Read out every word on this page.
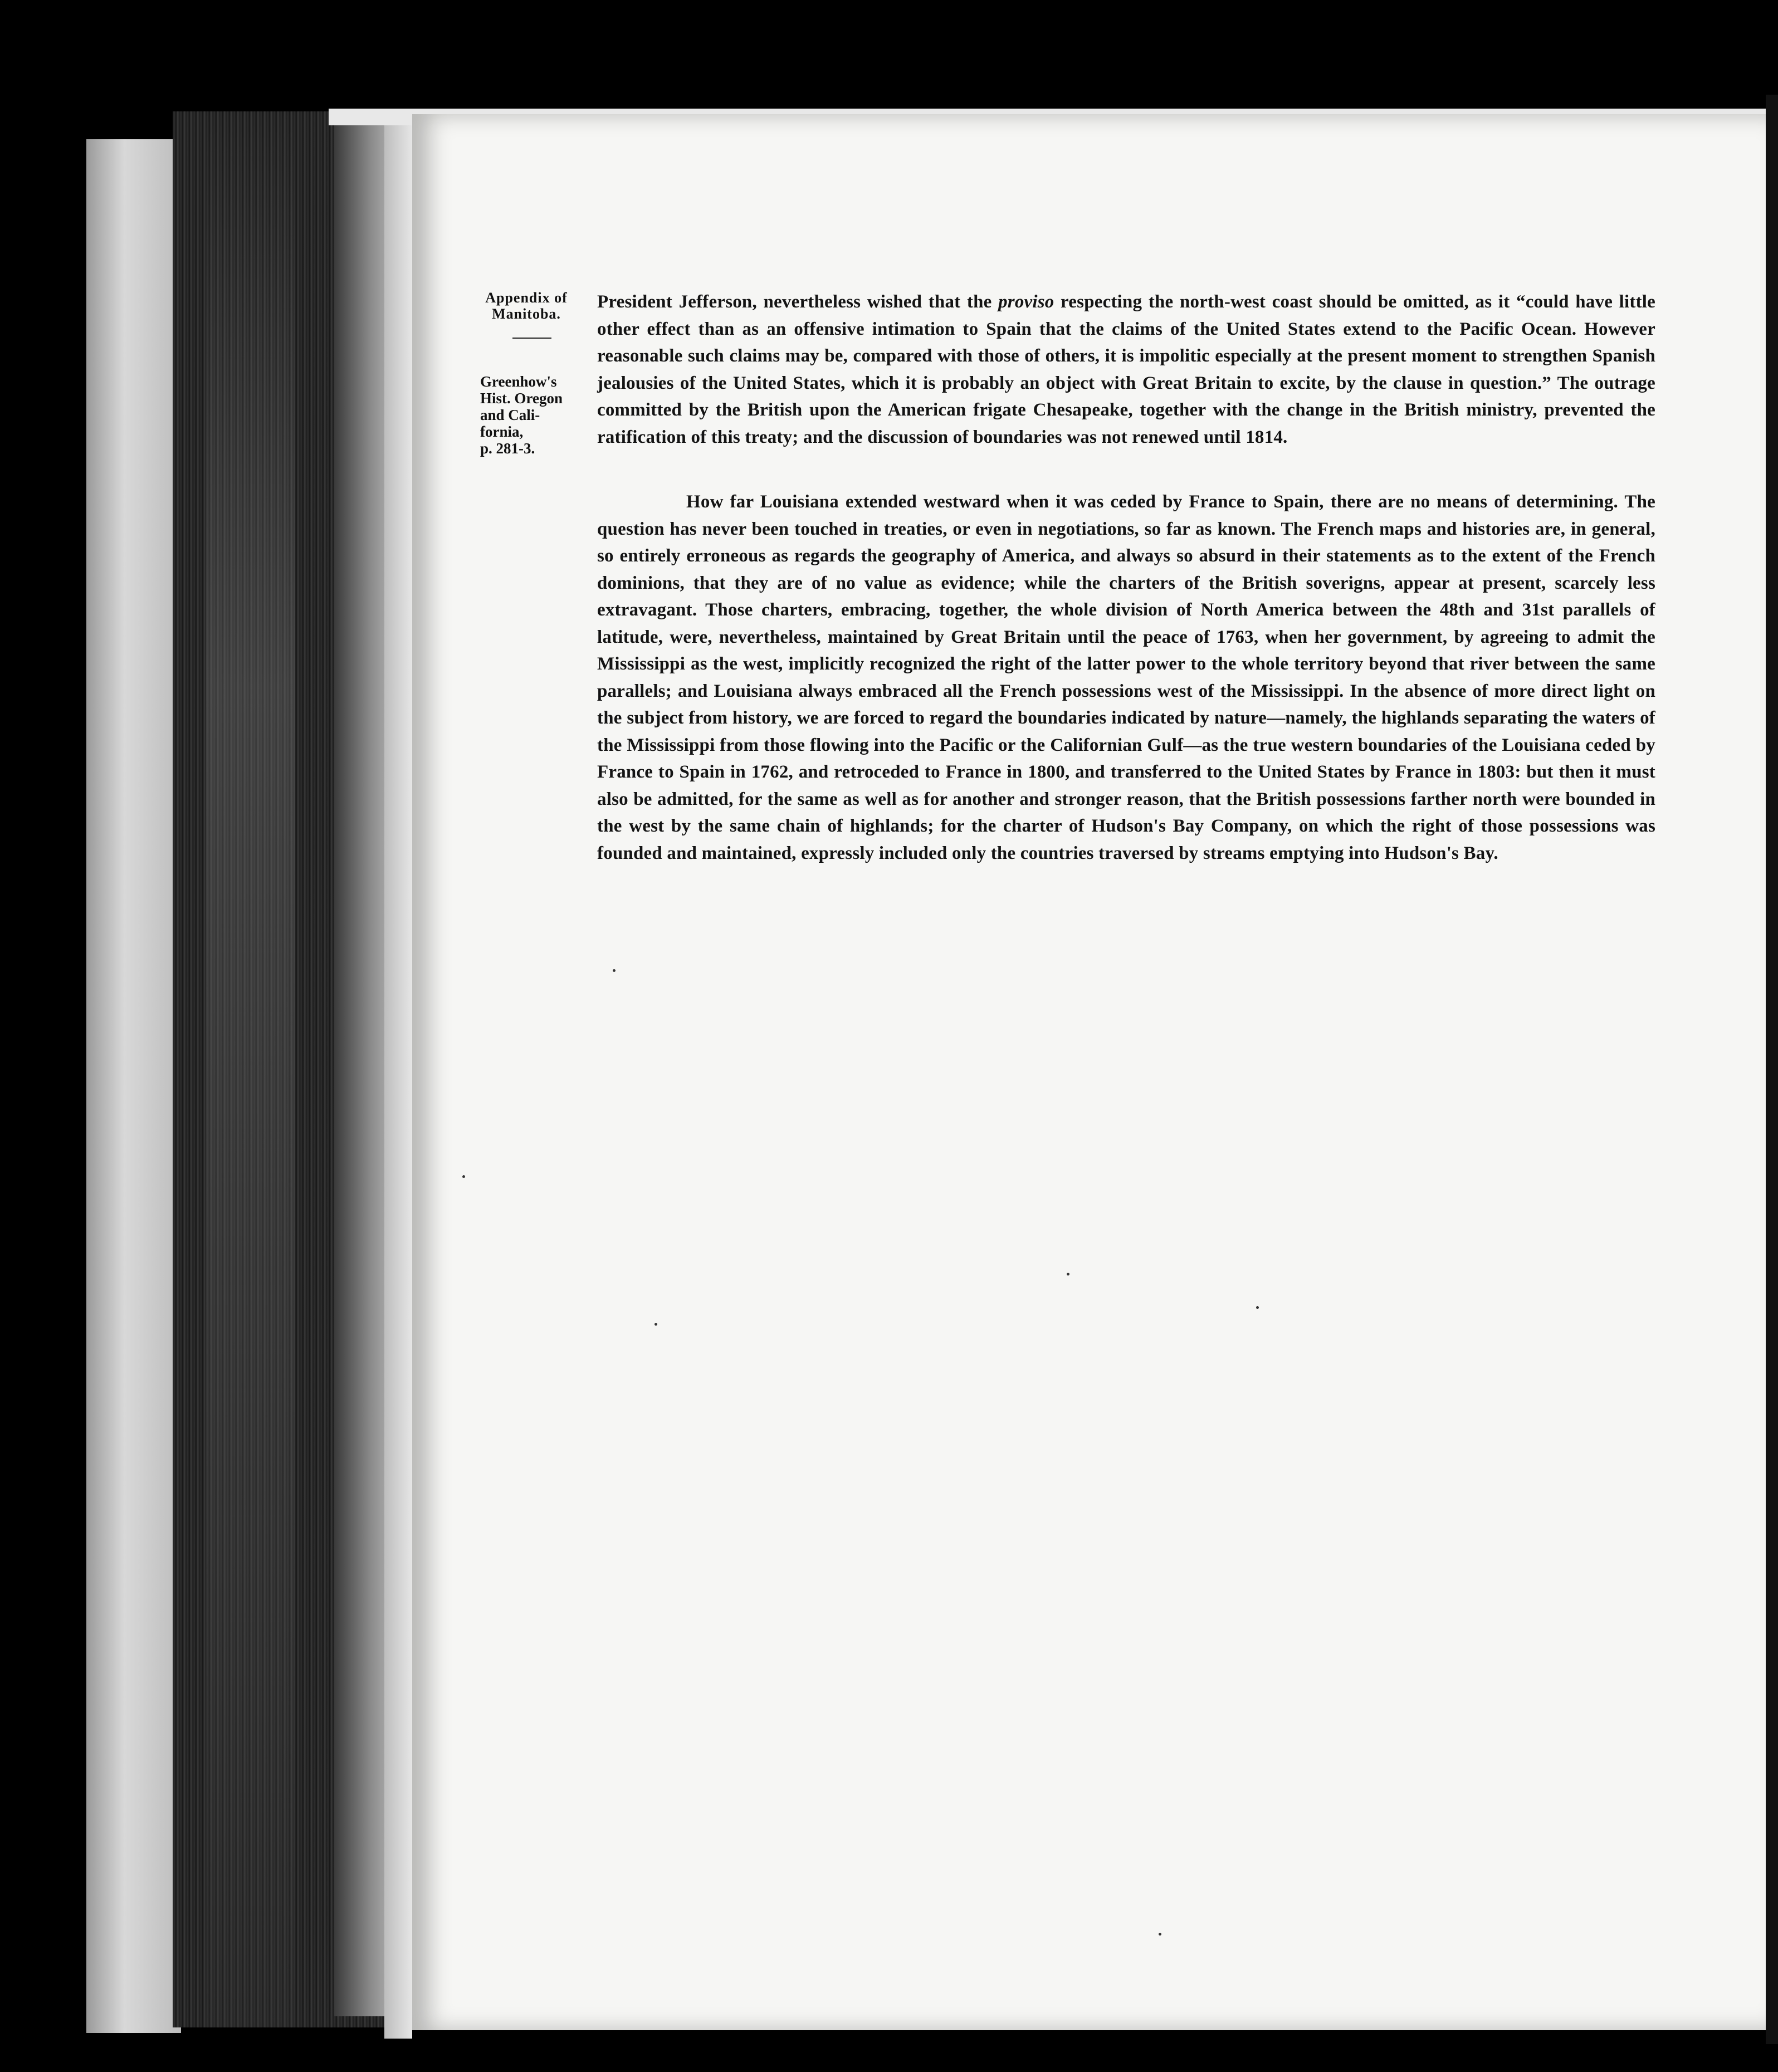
Appendix of Manitoba.
Greenhow's
Hist. Oregon
and Cali-
fornia,
p. 281-3.
President Jefferson, nevertheless wished that the proviso respecting the north-west coast should be omitted, as it “could have little other effect than as an offensive intimation to Spain that the claims of the United States extend to the Pacific Ocean. However reasonable such claims may be, compared with those of others, it is impolitic especially at the present moment to strengthen Spanish jealousies of the United States, which it is probably an object with Great Britain to excite, by the clause in question.” The outrage committed by the British upon the American frigate Chesapeake, together with the change in the British ministry, prevented the ratification of this treaty; and the discussion of boundaries was not renewed until 1814.
How far Louisiana extended westward when it was ceded by France to Spain, there are no means of determining. The question has never been touched in treaties, or even in negotiations, so far as known. The French maps and histories are, in general, so entirely erroneous as regards the geography of America, and always so absurd in their statements as to the extent of the French dominions, that they are of no value as evidence; while the charters of the British soverigns, appear at present, scarcely less extravagant. Those charters, embracing, together, the whole division of North America between the 48th and 31st parallels of latitude, were, nevertheless, maintained by Great Britain until the peace of 1763, when her government, by agreeing to admit the Mississippi as the west, implicitly recognized the right of the latter power to the whole territory beyond that river between the same parallels; and Louisiana always embraced all the French possessions west of the Mississippi. In the absence of more direct light on the subject from history, we are forced to regard the boundaries indicated by nature—namely, the highlands separating the waters of the Mississippi from those flowing into the Pacific or the Californian Gulf—as the true western boundaries of the Louisiana ceded by France to Spain in 1762, and retroceded to France in 1800, and transferred to the United States by France in 1803: but then it must also be admitted, for the same as well as for another and stronger reason, that the British possessions farther north were bounded in the west by the same chain of highlands; for the charter of Hudson's Bay Company, on which the right of those possessions was founded and maintained, expressly included only the countries traversed by streams emptying into Hudson's Bay.
